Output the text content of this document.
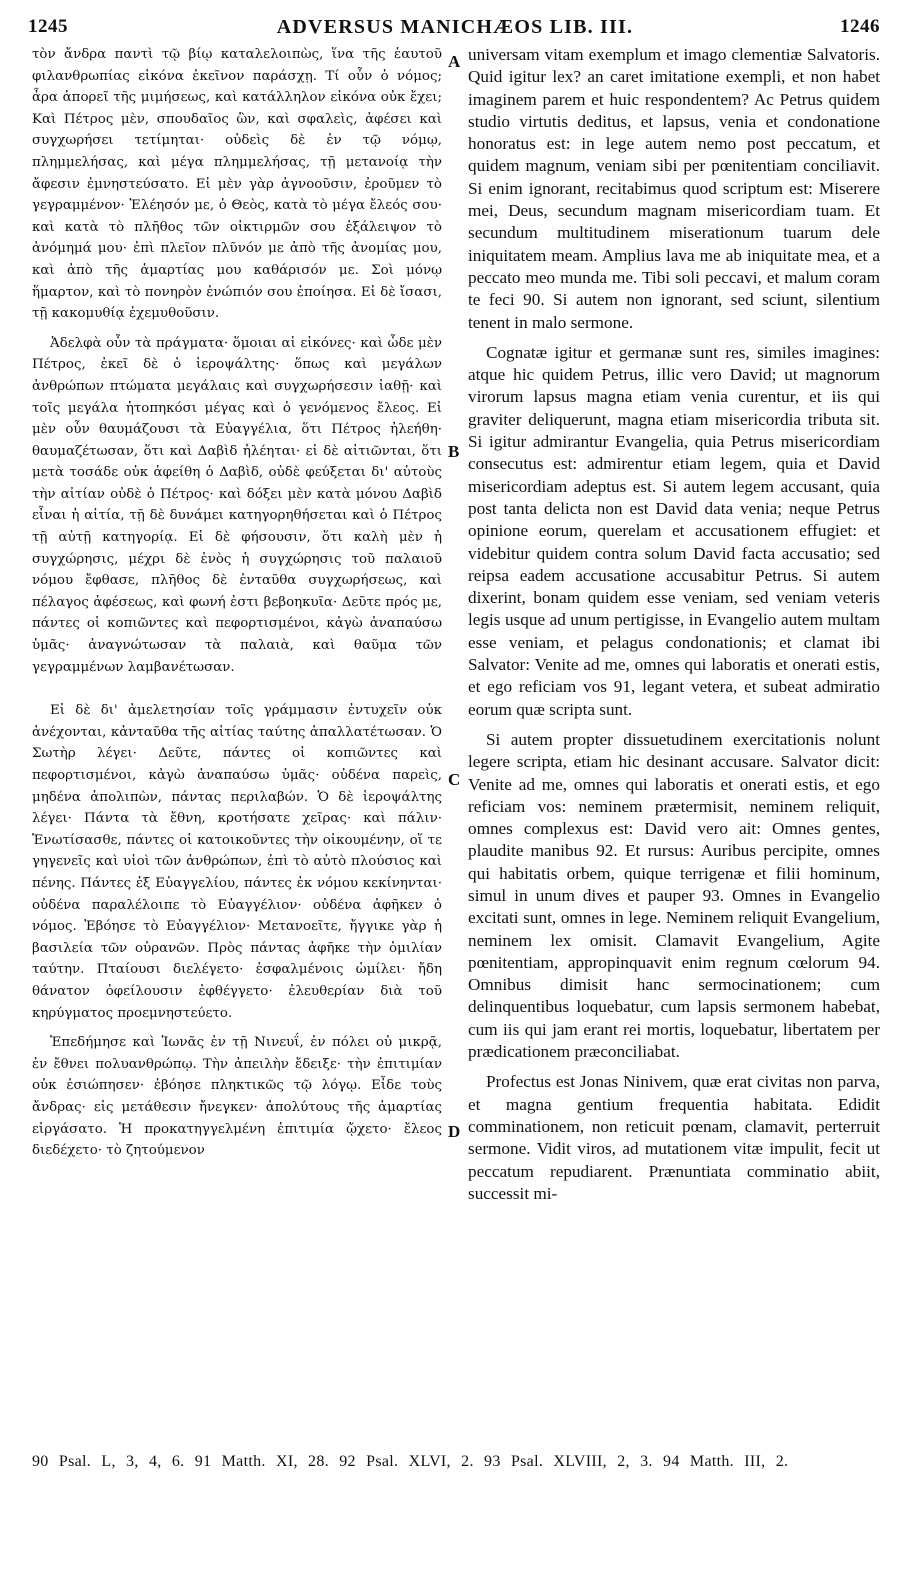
1245	ADVERSUS MANICHÆOS LIB. III.	1246

τὸν ἄνδρα παντὶ τῷ βίῳ καταλελοιπὼς, ἵνα τῆς ἑαυτοῦ φιλανθρωπίας εἰκόνα ἐκεῖνον παράσχῃ. Τί οὖν ὁ νόμος; ἆρα ἀπορεῖ τῆς μιμήσεως, καὶ κατάλληλον εἰκόνα οὐκ ἔχει; Καὶ Πέτρος μὲν, σπουδαῖος ὢν, καὶ σφαλεὶς, ἀφέσει καὶ συγχωρήσει τετίμηται· οὐδεὶς δὲ ἐν τῷ νόμῳ, πλημμελήσας, καὶ μέγα πλημμελήσας, τῇ μετανοίᾳ τὴν ἄφεσιν ἐμνηστεύσατο. Εἰ μὲν γὰρ ἀγνοοῦσιν, ἐροῦμεν τὸ γεγραμμένον· Ἐλέησόν με, ὁ Θεὸς, κατὰ τὸ μέγα ἔλεός σου· καὶ κατὰ τὸ πλῆθος τῶν οἰκτιρμῶν σου ἐξάλειψον τὸ ἀνόμημά μου· ἐπὶ πλεῖον πλῦνόν με ἀπὸ τῆς ἀνομίας μου, καὶ ἀπὸ τῆς ἁμαρτίας μου καθάρισόν με. Σοὶ μόνῳ ἥμαρτον, καὶ τὸ πονηρὸν ἐνώπιόν σου ἐποίησα. Εἰ δὲ ἴσασι, τῇ κακομυθίᾳ ἐχεμυθοῦσιν.

Ἀδελφὰ οὖν τὰ πράγματα· ὅμοιαι αἱ εἰκόνες· καὶ ὧδε μὲν Πέτρος, ἐκεῖ δὲ ὁ ἱεροψάλτης· ὅπως καὶ μεγάλων ἀνθρώπων πτώματα μεγάλαις καὶ συγχωρήσεσιν ἰαθῇ· καὶ τοῖς μεγάλα ἡτοπηκόσι μέγας καὶ ὁ γενόμενος ἔλεος. Εἰ μὲν οὖν θαυμάζουσι τὰ Εὐαγγέλια, ὅτι Πέτρος ἠλεήθη· θαυμαζέτωσαν, ὅτι καὶ Δαβὶδ ἠλέηται· εἰ δὲ αἰτιῶνται, ὅτι μετὰ τοσάδε οὐκ ἀφείθη ὁ Δαβὶδ, οὐδὲ φεύξεται δι' αὐτοὺς τὴν αἰτίαν οὐδὲ ὁ Πέτρος· καὶ δόξει μὲν κατὰ μόνου Δαβὶδ εἶναι ἡ αἰτία, τῇ δὲ δυνάμει κατηγορηθήσεται καὶ ὁ Πέτρος τῇ αὐτῇ κατηγορίᾳ. Εἰ δὲ φήσουσιν, ὅτι καλὴ μὲν ἡ συγχώρησις, μέχρι δὲ ἑνὸς ἡ συγχώρησις τοῦ παλαιοῦ νόμου ἔφθασε, πλῆθος δὲ ἐνταῦθα συγχωρήσεως, καὶ πέλαγος ἀφέσεως, καὶ φωνή ἐστι βεβοηκυῖα· Δεῦτε πρός με, πάντες οἱ κοπιῶντες καὶ πεφορτισμένοι, κἀγὼ ἀναπαύσω ὑμᾶς· ἀναγνώτωσαν τὰ παλαιὰ, καὶ θαῦμα τῶν γεγραμμένων λαμβανέτωσαν.

Εἰ δὲ δι' ἀμελετησίαν τοῖς γράμμασιν ἐντυχεῖν οὐκ ἀνέχονται, κἀνταῦθα τῆς αἰτίας ταύτης ἀπαλλατέτωσαν. Ὁ Σωτὴρ λέγει· Δεῦτε, πάντες οἱ κοπιῶντες καὶ πεφορτισμένοι, κἀγὼ ἀναπαύσω ὑμᾶς· οὐδένα παρεὶς, μηδένα ἀπολιπὼν, πάντας περιλαβών. Ὁ δὲ ἱεροψάλτης λέγει· Πάντα τὰ ἔθνη, κροτήσατε χεῖρας· καὶ πάλιν· Ἐνωτίσασθε, πάντες οἱ κατοικοῦντες τὴν οἰκουμένην, οἵ τε γηγενεῖς καὶ υἱοὶ τῶν ἀνθρώπων, ἐπὶ τὸ αὐτὸ πλούσιος καὶ πένης. Πάντες ἐξ Εὐαγγελίου, πάντες ἐκ νόμου κεκίνηνται· οὐδένα παραλέλοιπε τὸ Εὐαγγέλιον· οὐδένα ἀφῆκεν ὁ νόμος. Ἐβόησε τὸ Εὐαγγέλιον· Μετανοεῖτε, ἤγγικε γὰρ ἡ βασιλεία τῶν οὐρανῶν. Πρὸς πάντας ἀφῆκε τὴν ὁμιλίαν ταύτην. Πταίουσι διελέγετο· ἐσφαλμένοις ὡμίλει· ἤδη θάνατον ὀφείλουσιν ἐφθέγγετο· ἐλευθερίαν διὰ τοῦ κηρύγματος προεμνηστεύετο.

Ἐπεδήμησε καὶ Ἰωνᾶς ἐν τῇ Νινευΐ, ἐν πόλει οὐ μικρᾷ, ἐν ἔθνει πολυανθρώπῳ. Τὴν ἀπειλὴν ἔδειξε· τὴν ἐπιτιμίαν οὐκ ἐσιώπησεν· ἐβόησε πληκτικῶς τῷ λόγῳ. Εἶδε τοὺς ἄνδρας· εἰς μετάθεσιν ἤνεγκεν· ἀπολύτους τῆς ἁμαρτίας εἰργάσατο. Ἡ προκατηγγελμένη ἐπιτιμία ᾤχετο· ἔλεος διεδέχετο· τὸ ζητούμενον

A
B
C
D

universam vitam exemplum et imago clementiæ Salvatoris. Quid igitur lex? an caret imitatione exempli, et non habet imaginem parem et huic respondentem? Ac Petrus quidem studio virtutis deditus, et lapsus, venia et condonatione honoratus est: in lege autem nemo post peccatum, et quidem magnum, veniam sibi per pœnitentiam conciliavit. Si enim ignorant, recitabimus quod scriptum est: Miserere mei, Deus, secundum magnam misericordiam tuam. Et secundum multitudinem miserationum tuarum dele iniquitatem meam. Amplius lava me ab iniquitate mea, et a peccato meo munda me. Tibi soli peccavi, et malum coram te feci 90. Si autem non ignorant, sed sciunt, silentium tenent in malo sermone.

Cognatæ igitur et germanæ sunt res, similes imagines: atque hic quidem Petrus, illic vero David; ut magnorum virorum lapsus magna etiam venia curentur, et iis qui graviter deliquerunt, magna etiam misericordia tributa sit. Si igitur admirantur Evangelia, quia Petrus misericordiam consecutus est: admirentur etiam legem, quia et David misericordiam adeptus est. Si autem legem accusant, quia post tanta delicta non est David data venia; neque Petrus opinione eorum, querelam et accusationem effugiet: et videbitur quidem contra solum David facta accusatio; sed reipsa eadem accusatione accusabitur Petrus. Si autem dixerint, bonam quidem esse veniam, sed veniam veteris legis usque ad unum pertigisse, in Evangelio autem multam esse veniam, et pelagus condonationis; et clamat ibi Salvator: Venite ad me, omnes qui laboratis et onerati estis, et ego reficiam vos 91, legant vetera, et subeat admiratio eorum quæ scripta sunt.

Si autem propter dissuetudinem exercitationis nolunt legere scripta, etiam hic desinant accusare. Salvator dicit: Venite ad me, omnes qui laboratis et onerati estis, et ego reficiam vos: neminem prætermisit, neminem reliquit, omnes complexus est: David vero ait: Omnes gentes, plaudite manibus 92. Et rursus: Auribus percipite, omnes qui habitatis orbem, quique terrigenæ et filii hominum, simul in unum dives et pauper 93. Omnes in Evangelio excitati sunt, omnes in lege. Neminem reliquit Evangelium, neminem lex omisit. Clamavit Evangelium, Agite pœnitentiam, appropinquavit enim regnum cœlorum 94. Omnibus dimisit hanc sermocinationem; cum delinquentibus loquebatur, cum lapsis sermonem habebat, cum iis qui jam erant rei mortis, loquebatur, libertatem per prædicationem præconciliabat.

Profectus est Jonas Ninivem, quæ erat civitas non parva, et magna gentium frequentia habitata. Edidit comminationem, non reticuit pœnam, clamavit, perterruit sermone. Vidit viros, ad mutationem vitæ impulit, fecit ut peccatum repudiarent. Prænuntiata comminatio abiit, successit mi-

90 Psal. L, 3, 4, 6. 91 Matth. XI, 28. 92 Psal. XLVI, 2. 93 Psal. XLVIII, 2, 3. 94 Matth. III, 2.
